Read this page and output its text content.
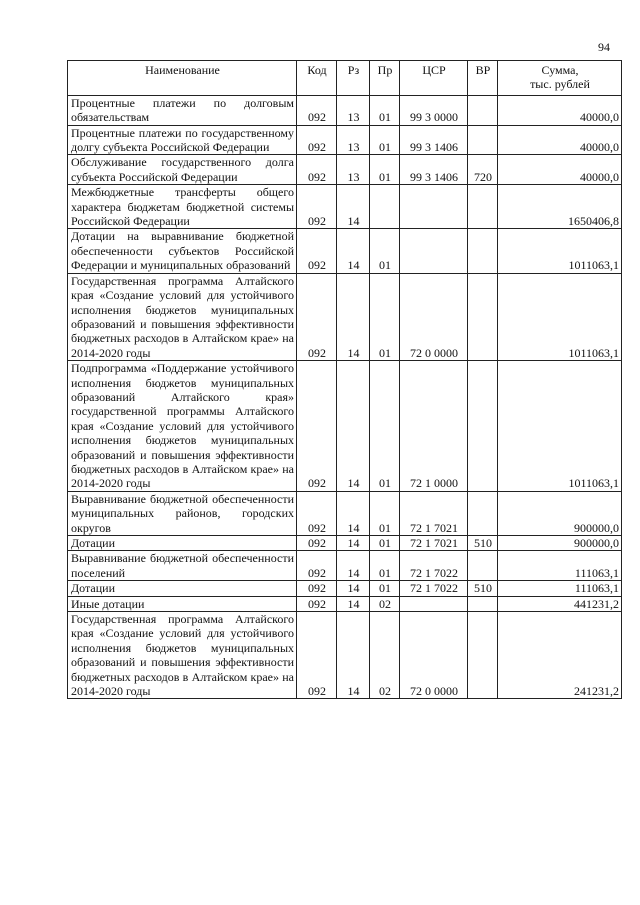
94
Наименование	Код	Рз	Пр	ЦСР	ВР	Сумма,
тыс. рублей

Процентные платежи по долговым обязательствам	092	13	01	99 3 0000		40000,0
Процентные платежи по государственному долгу субъекта Российской Федерации	092	13	01	99 3 1406		40000,0
Обслуживание государственного долга субъекта Российской Федерации	092	13	01	99 3 1406	720	40000,0
Межбюджетные трансферты общего характера бюджетам бюджетной системы Российской Федерации	092	14				1650406,8
Дотации на выравнивание бюджетной обеспеченности субъектов Российской Федерации и муниципальных образований	092	14	01			1011063,1
Государственная программа Алтайского края «Создание условий для устойчивого исполнения бюджетов муниципальных образований и повышения эффективности бюджетных расходов в Алтайском крае» на 2014-2020 годы	092	14	01	72 0 0000		1011063,1
Подпрограмма «Поддержание устойчивого исполнения бюджетов муниципальных образований Алтайского края» государственной программы Алтайского края «Создание условий для устойчивого исполнения бюджетов муниципальных образований и повышения эффективности бюджетных расходов в Алтайском крае» на 2014-2020 годы	092	14	01	72 1 0000		1011063,1
Выравнивание бюджетной обеспеченности муниципальных районов, городских округов	092	14	01	72 1 7021		900000,0
Дотации	092	14	01	72 1 7021	510	900000,0
Выравнивание бюджетной обеспеченности поселений	092	14	01	72 1 7022		111063,1
Дотации	092	14	01	72 1 7022	510	111063,1
Иные дотации	092	14	02			441231,2
Государственная программа Алтайского края «Создание условий для устойчивого исполнения бюджетов муниципальных образований и повышения эффективности бюджетных расходов в Алтайском крае» на 2014-2020 годы	092	14	02	72 0 0000		241231,2
